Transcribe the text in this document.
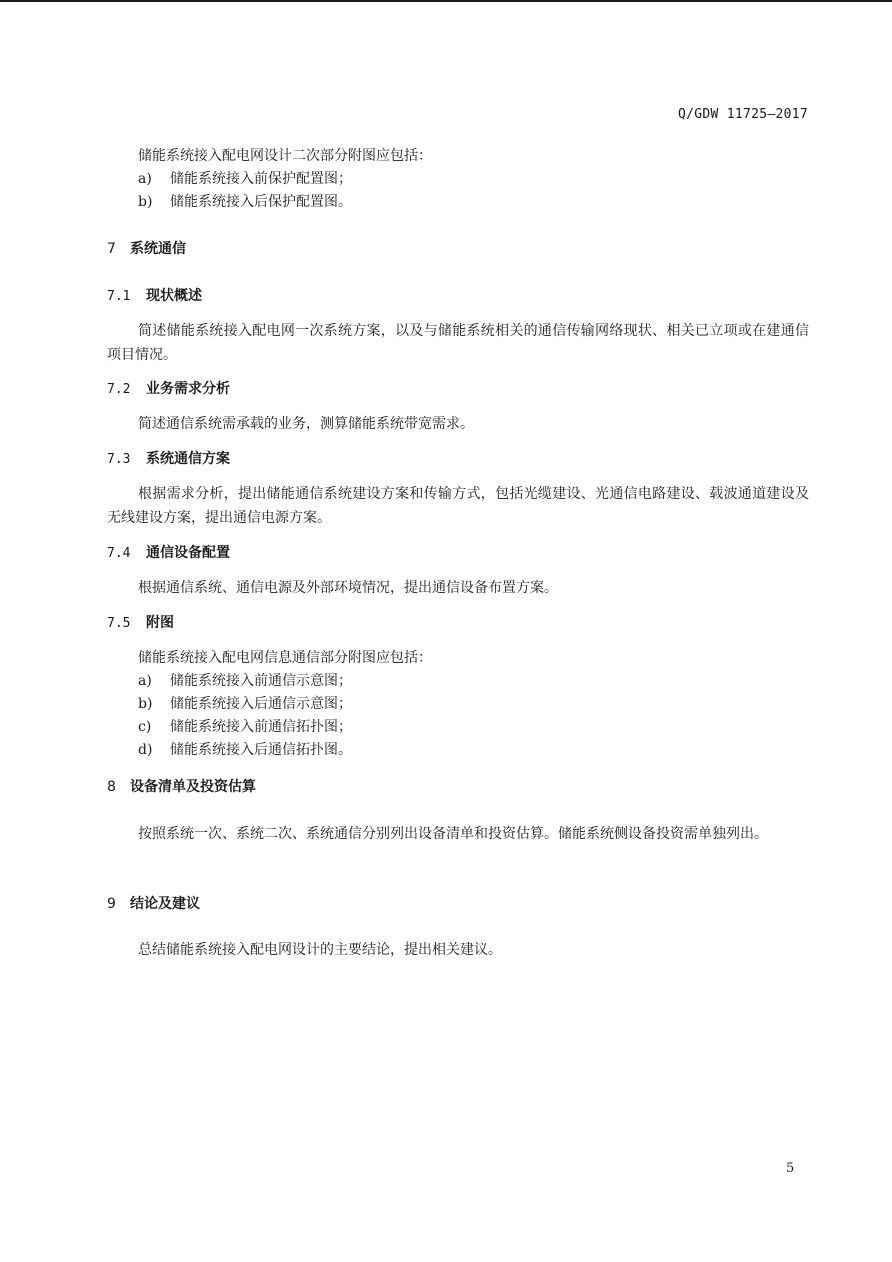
Q/GDW 11725—2017
储能系统接入配电网设计二次部分附图应包括：
a)	储能系统接入前保护配置图；
b)	储能系统接入后保护配置图。
7 系统通信
7.1 现状概述
简述储能系统接入配电网一次系统方案，以及与储能系统相关的通信传输网络现状、相关已立项或在建通信项目情况。
7.2 业务需求分析
简述通信系统需承载的业务，测算储能系统带宽需求。
7.3 系统通信方案
根据需求分析，提出储能通信系统建设方案和传输方式，包括光缆建设、光通信电路建设、载波通道建设及无线建设方案，提出通信电源方案。
7.4 通信设备配置
根据通信系统、通信电源及外部环境情况，提出通信设备布置方案。
7.5 附图
储能系统接入配电网信息通信部分附图应包括：
a)	储能系统接入前通信示意图；
b)	储能系统接入后通信示意图；
c)	储能系统接入前通信拓扑图；
d)	储能系统接入后通信拓扑图。
8 设备清单及投资估算
按照系统一次、系统二次、系统通信分别列出设备清单和投资估算。储能系统侧设备投资需单独列出。
9 结论及建议
总结储能系统接入配电网设计的主要结论，提出相关建议。
5
